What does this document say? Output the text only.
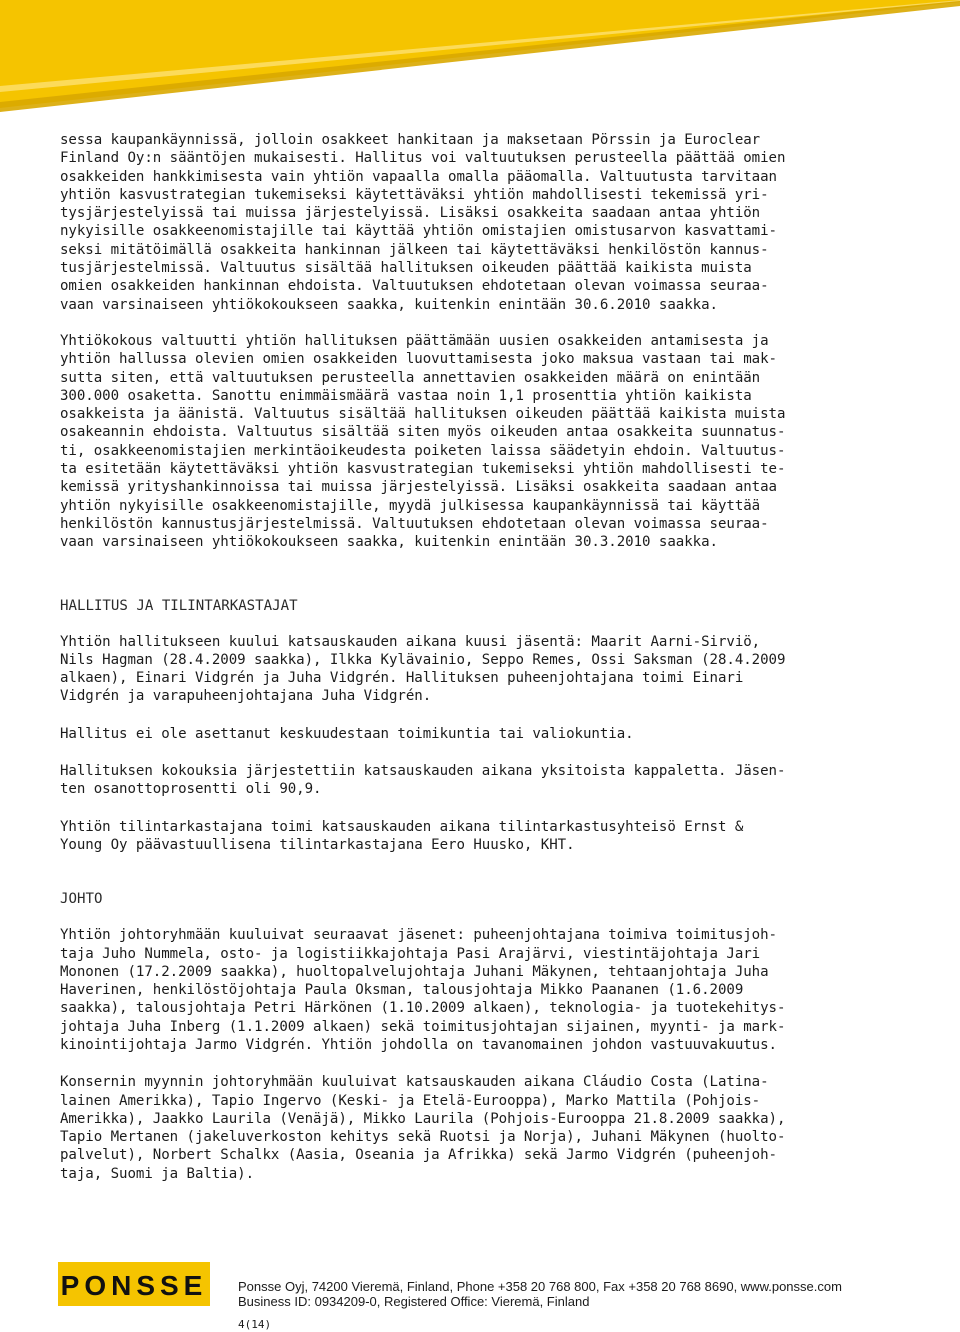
sessa kaupankäynnissä, jolloin osakkeet hankitaan ja maksetaan Pörssin ja Euroclear
Finland Oy:n sääntöjen mukaisesti. Hallitus voi valtuutuksen perusteella päättää omien
osakkeiden hankkimisesta vain yhtiön vapaalla omalla pääomalla. Valtuutusta tarvitaan
yhtiön kasvustrategian tukemiseksi käytettäväksi yhtiön mahdollisesti tekemissä yri-
tysjärjestelyissä tai muissa järjestelyissä. Lisäksi osakkeita saadaan antaa yhtiön
nykyisille osakkeenomistajille tai käyttää yhtiön omistajien omistusarvon kasvattami-
seksi mitätöimällä osakkeita hankinnan jälkeen tai käytettäväksi henkilöstön kannus-
tusjärjestelmissä. Valtuutus sisältää hallituksen oikeuden päättää kaikista muista
omien osakkeiden hankinnan ehdoista. Valtuutuksen ehdotetaan olevan voimassa seuraa-
vaan varsinaiseen yhtiökokoukseen saakka, kuitenkin enintään 30.6.2010 saakka.

Yhtiökokous valtuutti yhtiön hallituksen päättämään uusien osakkeiden antamisesta ja
yhtiön hallussa olevien omien osakkeiden luovuttamisesta joko maksua vastaan tai mak-
sutta siten, että valtuutuksen perusteella annettavien osakkeiden määrä on enintään
300.000 osaketta. Sanottu enimmäismäärä vastaa noin 1,1 prosenttia yhtiön kaikista
osakkeista ja äänistä. Valtuutus sisältää hallituksen oikeuden päättää kaikista muista
osakeannin ehdoista. Valtuutus sisältää siten myös oikeuden antaa osakkeita suunnatus-
ti, osakkeenomistajien merkintäoikeudesta poiketen laissa säädetyin ehdoin. Valtuutus-
ta esitetään käytettäväksi yhtiön kasvustrategian tukemiseksi yhtiön mahdollisesti te-
kemissä yrityshankinnoissa tai muissa järjestelyissä. Lisäksi osakkeita saadaan antaa
yhtiön nykyisille osakkeenomistajille, myydä julkisessa kaupankäynnissä tai käyttää
henkilöstön kannustusjärjestelmissä. Valtuutuksen ehdotetaan olevan voimassa seuraa-
vaan varsinaiseen yhtiökokoukseen saakka, kuitenkin enintään 30.3.2010 saakka.

HALLITUS JA TILINTARKASTAJAT

Yhtiön hallitukseen kuului katsauskauden aikana kuusi jäsentä: Maarit Aarni-Sirviö,
Nils Hagman (28.4.2009 saakka), Ilkka Kylävainio, Seppo Remes, Ossi Saksman (28.4.2009
alkaen), Einari Vidgrén ja Juha Vidgrén. Hallituksen puheenjohtajana toimi Einari
Vidgrén ja varapuheenjohtajana Juha Vidgrén.

Hallitus ei ole asettanut keskuudestaan toimikuntia tai valiokuntia.

Hallituksen kokouksia järjestettiin katsauskauden aikana yksitoista kappaletta. Jäsen-
ten osanottoprosentti oli 90,9.

Yhtiön tilintarkastajana toimi katsauskauden aikana tilintarkastusyhteisö Ernst &
Young Oy päävastuullisena tilintarkastajana Eero Huusko, KHT.

JOHTO

Yhtiön johtoryhmään kuuluivat seuraavat jäsenet: puheenjohtajana toimiva toimitusjoh-
taja Juho Nummela, osto- ja logistiikkajohtaja Pasi Arajärvi, viestintäjohtaja Jari
Mononen (17.2.2009 saakka), huoltopalvelujohtaja Juhani Mäkynen, tehtaanjohtaja Juha
Haverinen, henkilöstöjohtaja Paula Oksman, talousjohtaja Mikko Paananen (1.6.2009
saakka), talousjohtaja Petri Härkönen (1.10.2009 alkaen), teknologia- ja tuotekehitys-
johtaja Juha Inberg (1.1.2009 alkaen) sekä toimitusjohtajan sijainen, myynti- ja mark-
kinointijohtaja Jarmo Vidgrén. Yhtiön johdolla on tavanomainen johdon vastuuvakuutus.

Konsernin myynnin johtoryhmään kuuluivat katsauskauden aikana Cláudio Costa (Latina-
lainen Amerikka), Tapio Ingervo (Keski- ja Etelä-Eurooppa), Marko Mattila (Pohjois-
Amerikka), Jaakko Laurila (Venäjä), Mikko Laurila (Pohjois-Eurooppa 21.8.2009 saakka),
Tapio Mertanen (jakeluverkoston kehitys sekä Ruotsi ja Norja), Juhani Mäkynen (huolto-
palvelut), Norbert Schalkx (Aasia, Oseania ja Afrikka) sekä Jarmo Vidgrén (puheenjoh-
taja, Suomi ja Baltia).

PONSSE Ponsse Oyj, 74200 Vieremä, Finland, Phone +358 20 768 800, Fax +358 20 768 8690, www.ponsse.com
Business ID: 0934209-0, Registered Office: Vieremä, Finland
4(14)
